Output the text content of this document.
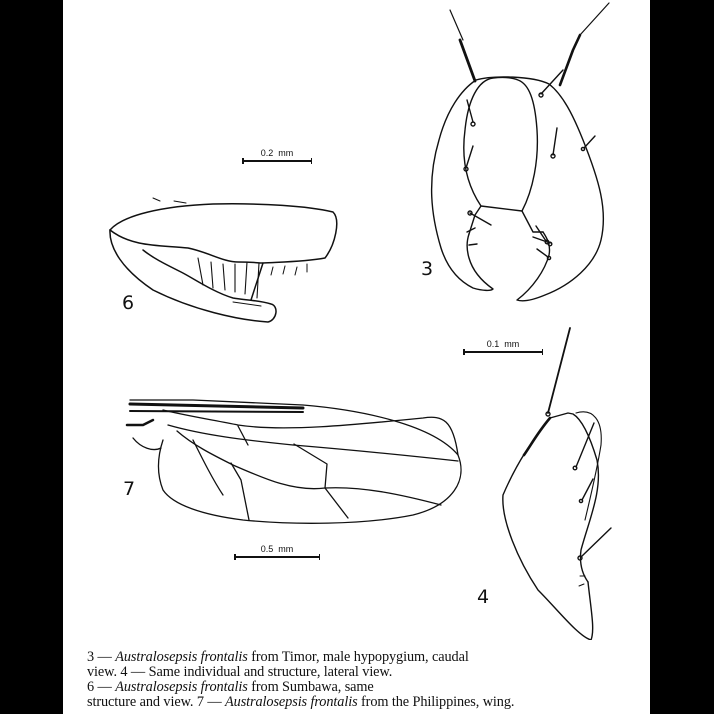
3
6
7
4
0.2  mm
0.1  mm
0.5  mm

3 — Australosepsis frontalis from Timor, male hypopygium, caudal

view. 4 — Same individual and structure, lateral view.

6 — Australosepsis frontalis from Sumbawa, same

structure and view. 7 — Australosepsis frontalis from the Philippines, wing.
